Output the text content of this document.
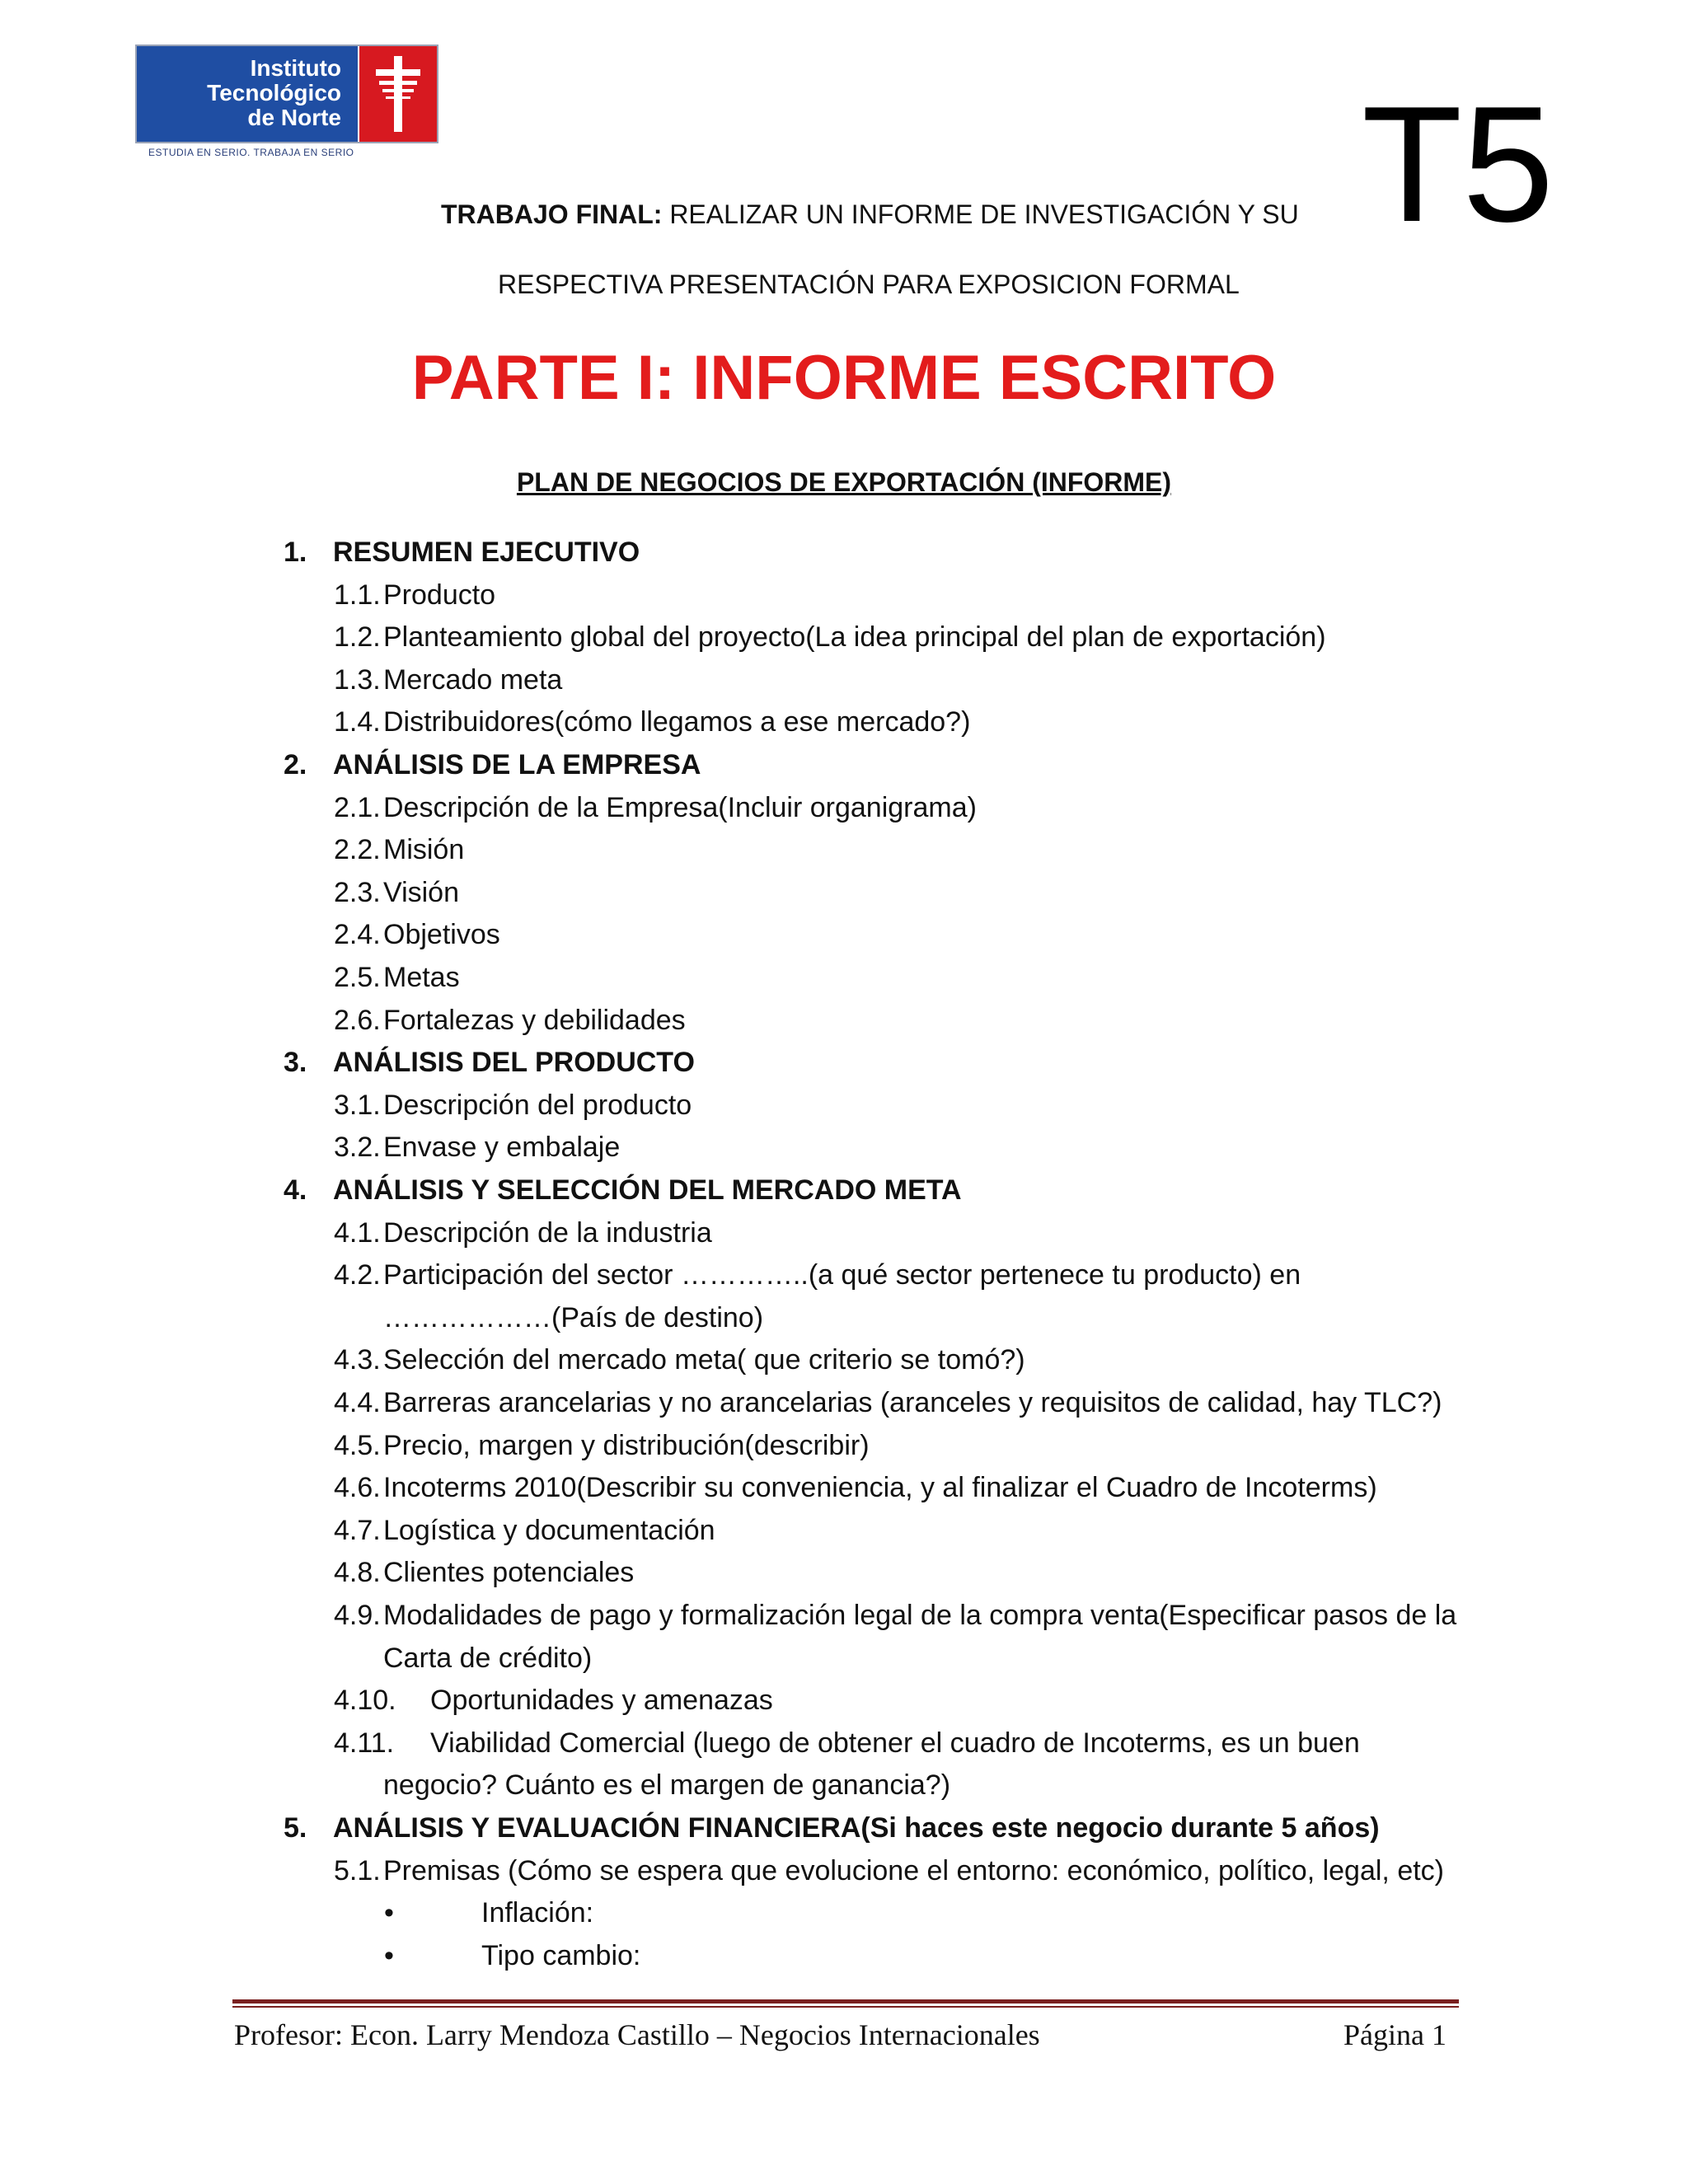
Instituto
Tecnológico
de Norte
ESTUDIA EN SERIO. TRABAJA EN SERIO	T5
TRABAJO FINAL: REALIZAR UN INFORME DE INVESTIGACIÓN Y SU
RESPECTIVA PRESENTACIÓN PARA EXPOSICION FORMAL
PARTE I: INFORME ESCRITO
PLAN DE NEGOCIOS DE EXPORTACIÓN (INFORME)
1. RESUMEN EJECUTIVO
1.1. Producto
1.2. Planteamiento global del proyecto(La idea principal del plan de exportación)
1.3. Mercado meta
1.4. Distribuidores(cómo llegamos a ese mercado?)
2. ANÁLISIS DE LA EMPRESA
2.1. Descripción de la Empresa(Incluir organigrama)
2.2. Misión
2.3. Visión
2.4. Objetivos
2.5. Metas
2.6. Fortalezas y debilidades
3. ANÁLISIS DEL PRODUCTO
3.1. Descripción del producto
3.2. Envase y embalaje
4. ANÁLISIS Y SELECCIÓN DEL MERCADO META
4.1. Descripción de la industria
4.2. Participación del sector …………..(a qué sector pertenece tu producto) en
………………(País de destino)
4.3. Selección del mercado meta( que criterio se tomó?)
4.4. Barreras arancelarias y no arancelarias (aranceles y requisitos de calidad, hay TLC?)
4.5. Precio, margen y distribución(describir)
4.6. Incoterms 2010(Describir su conveniencia, y al finalizar el Cuadro de Incoterms)
4.7. Logística y documentación
4.8. Clientes potenciales
4.9. Modalidades de pago y formalización legal de la compra venta(Especificar pasos de la
Carta de crédito)
4.10. Oportunidades y amenazas
4.11. Viabilidad Comercial (luego de obtener el cuadro de Incoterms, es un buen
negocio? Cuánto es el margen de ganancia?)
5. ANÁLISIS Y EVALUACIÓN FINANCIERA(Si haces este negocio durante 5 años)
5.1. Premisas (Cómo se espera que evolucione el entorno: económico, político, legal, etc)
•	Inflación:
•	Tipo cambio:
Profesor: Econ. Larry Mendoza Castillo – Negocios Internacionales	Página 1
